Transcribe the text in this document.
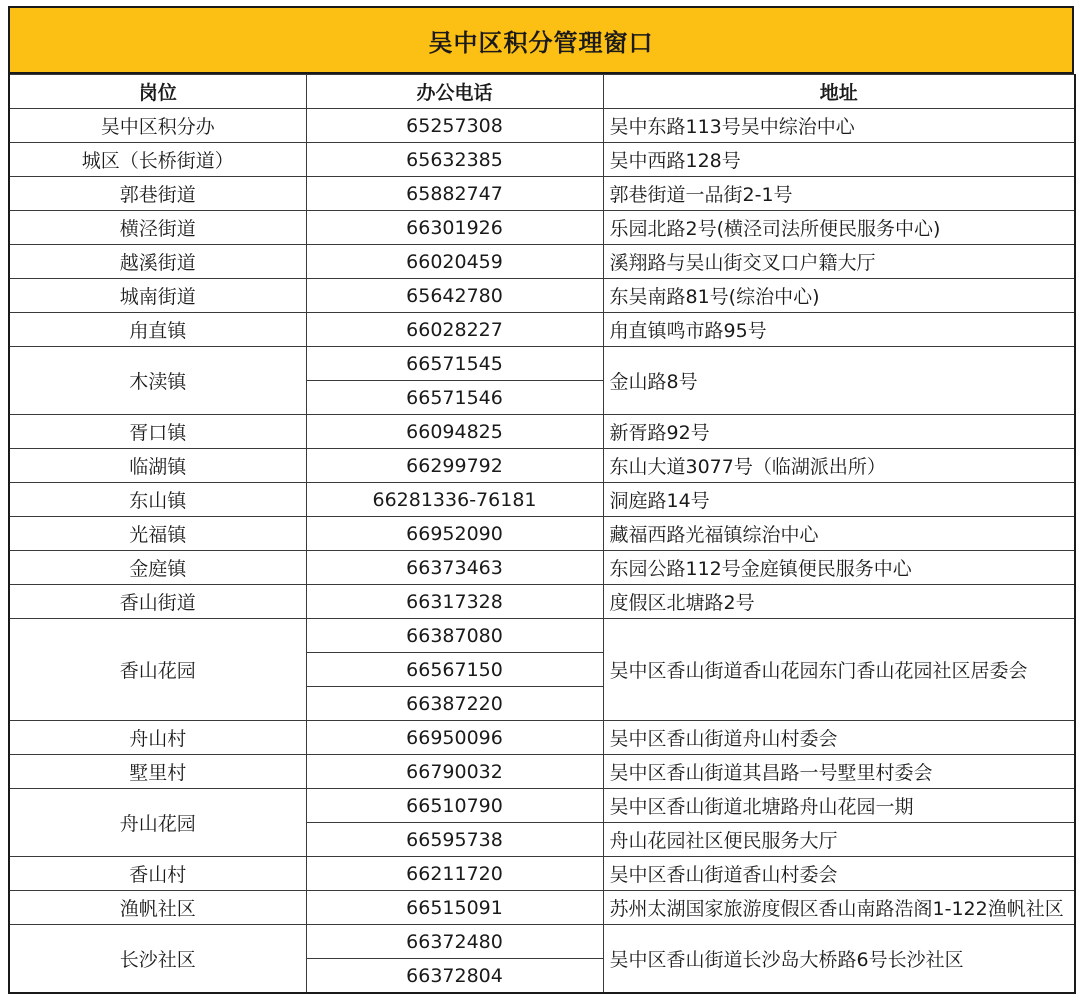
吴中区积分管理窗口
岗位	办公电话	地址
吴中区积分办	65257308	吴中东路113号吴中综治中心
城区（长桥街道）	65632385	吴中西路128号
郭巷街道	65882747	郭巷街道一品街2-1号
横泾街道	66301926	乐园北路2号(横泾司法所便民服务中心)
越溪街道	66020459	溪翔路与吴山街交叉口户籍大厅
城南街道	65642780	东吴南路81号(综治中心)
甪直镇	66028227	甪直镇鸣市路95号
木渎镇	66571545	金山路8号
	66571546	
胥口镇	66094825	新胥路92号
临湖镇	66299792	东山大道3077号（临湖派出所）
东山镇	66281336-76181	洞庭路14号
光福镇	66952090	藏福西路光福镇综治中心
金庭镇	66373463	东园公路112号金庭镇便民服务中心
香山街道	66317328	度假区北塘路2号
香山花园	66387080	吴中区香山街道香山花园东门香山花园社区居委会
	66567150	
	66387220	
舟山村	66950096	吴中区香山街道舟山村委会
墅里村	66790032	吴中区香山街道其昌路一号墅里村委会
舟山花园	66510790	吴中区香山街道北塘路舟山花园一期
	66595738	舟山花园社区便民服务大厅
香山村	66211720	吴中区香山街道香山村委会
渔帆社区	66515091	苏州太湖国家旅游度假区香山南路浩阁1-122渔帆社区
长沙社区	66372480	吴中区香山街道长沙岛大桥路6号长沙社区
	66372804	
